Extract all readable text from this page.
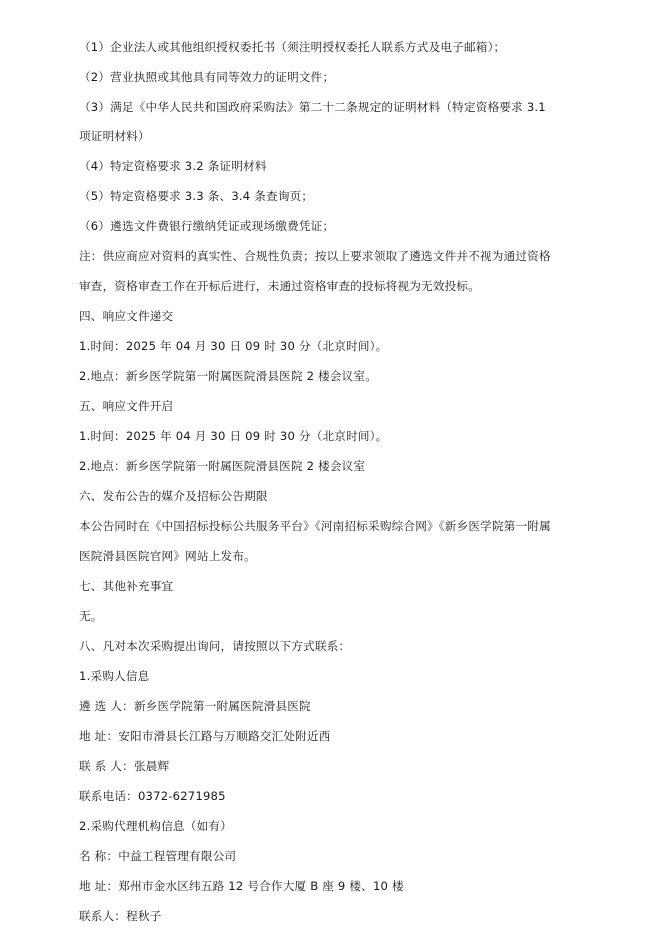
（1）企业法人或其他组织授权委托书（须注明授权委托人联系方式及电子邮箱）；
（2）营业执照或其他具有同等效力的证明文件；
（3）满足《中华人民共和国政府采购法》第二十二条规定的证明材料（特定资格要求 3.1
项证明材料）
（4）特定资格要求 3.2 条证明材料
（5）特定资格要求 3.3 条、3.4 条查询页；
（6）遴选文件费银行缴纳凭证或现场缴费凭证；
注：供应商应对资料的真实性、合规性负责；按以上要求领取了遴选文件并不视为通过资格
审查，资格审查工作在开标后进行，未通过资格审查的投标将视为无效投标。
四、响应文件递交
1.时间：2025 年 04 月 30 日 09 时 30 分（北京时间）。
2.地点：新乡医学院第一附属医院滑县医院 2 楼会议室。
五、响应文件开启
1.时间：2025 年 04 月 30 日 09 时 30 分（北京时间）。
2.地点：新乡医学院第一附属医院滑县医院 2 楼会议室
六、发布公告的媒介及招标公告期限
本公告同时在《中国招标投标公共服务平台》《河南招标采购综合网》《新乡医学院第一附属
医院滑县医院官网》网站上发布。
七、其他补充事宜
无。
八、凡对本次采购提出询问，请按照以下方式联系：
1.采购人信息
遴 选 人：新乡医学院第一附属医院滑县医院
地 址：安阳市滑县长江路与万顺路交汇处附近西
联 系 人：张晨辉
联系电话：0372-6271985
2.采购代理机构信息（如有）
名 称：中益工程管理有限公司
地 址：郑州市金水区纬五路 12 号合作大厦 B 座 9 楼、10 楼
联系人：程秋子
